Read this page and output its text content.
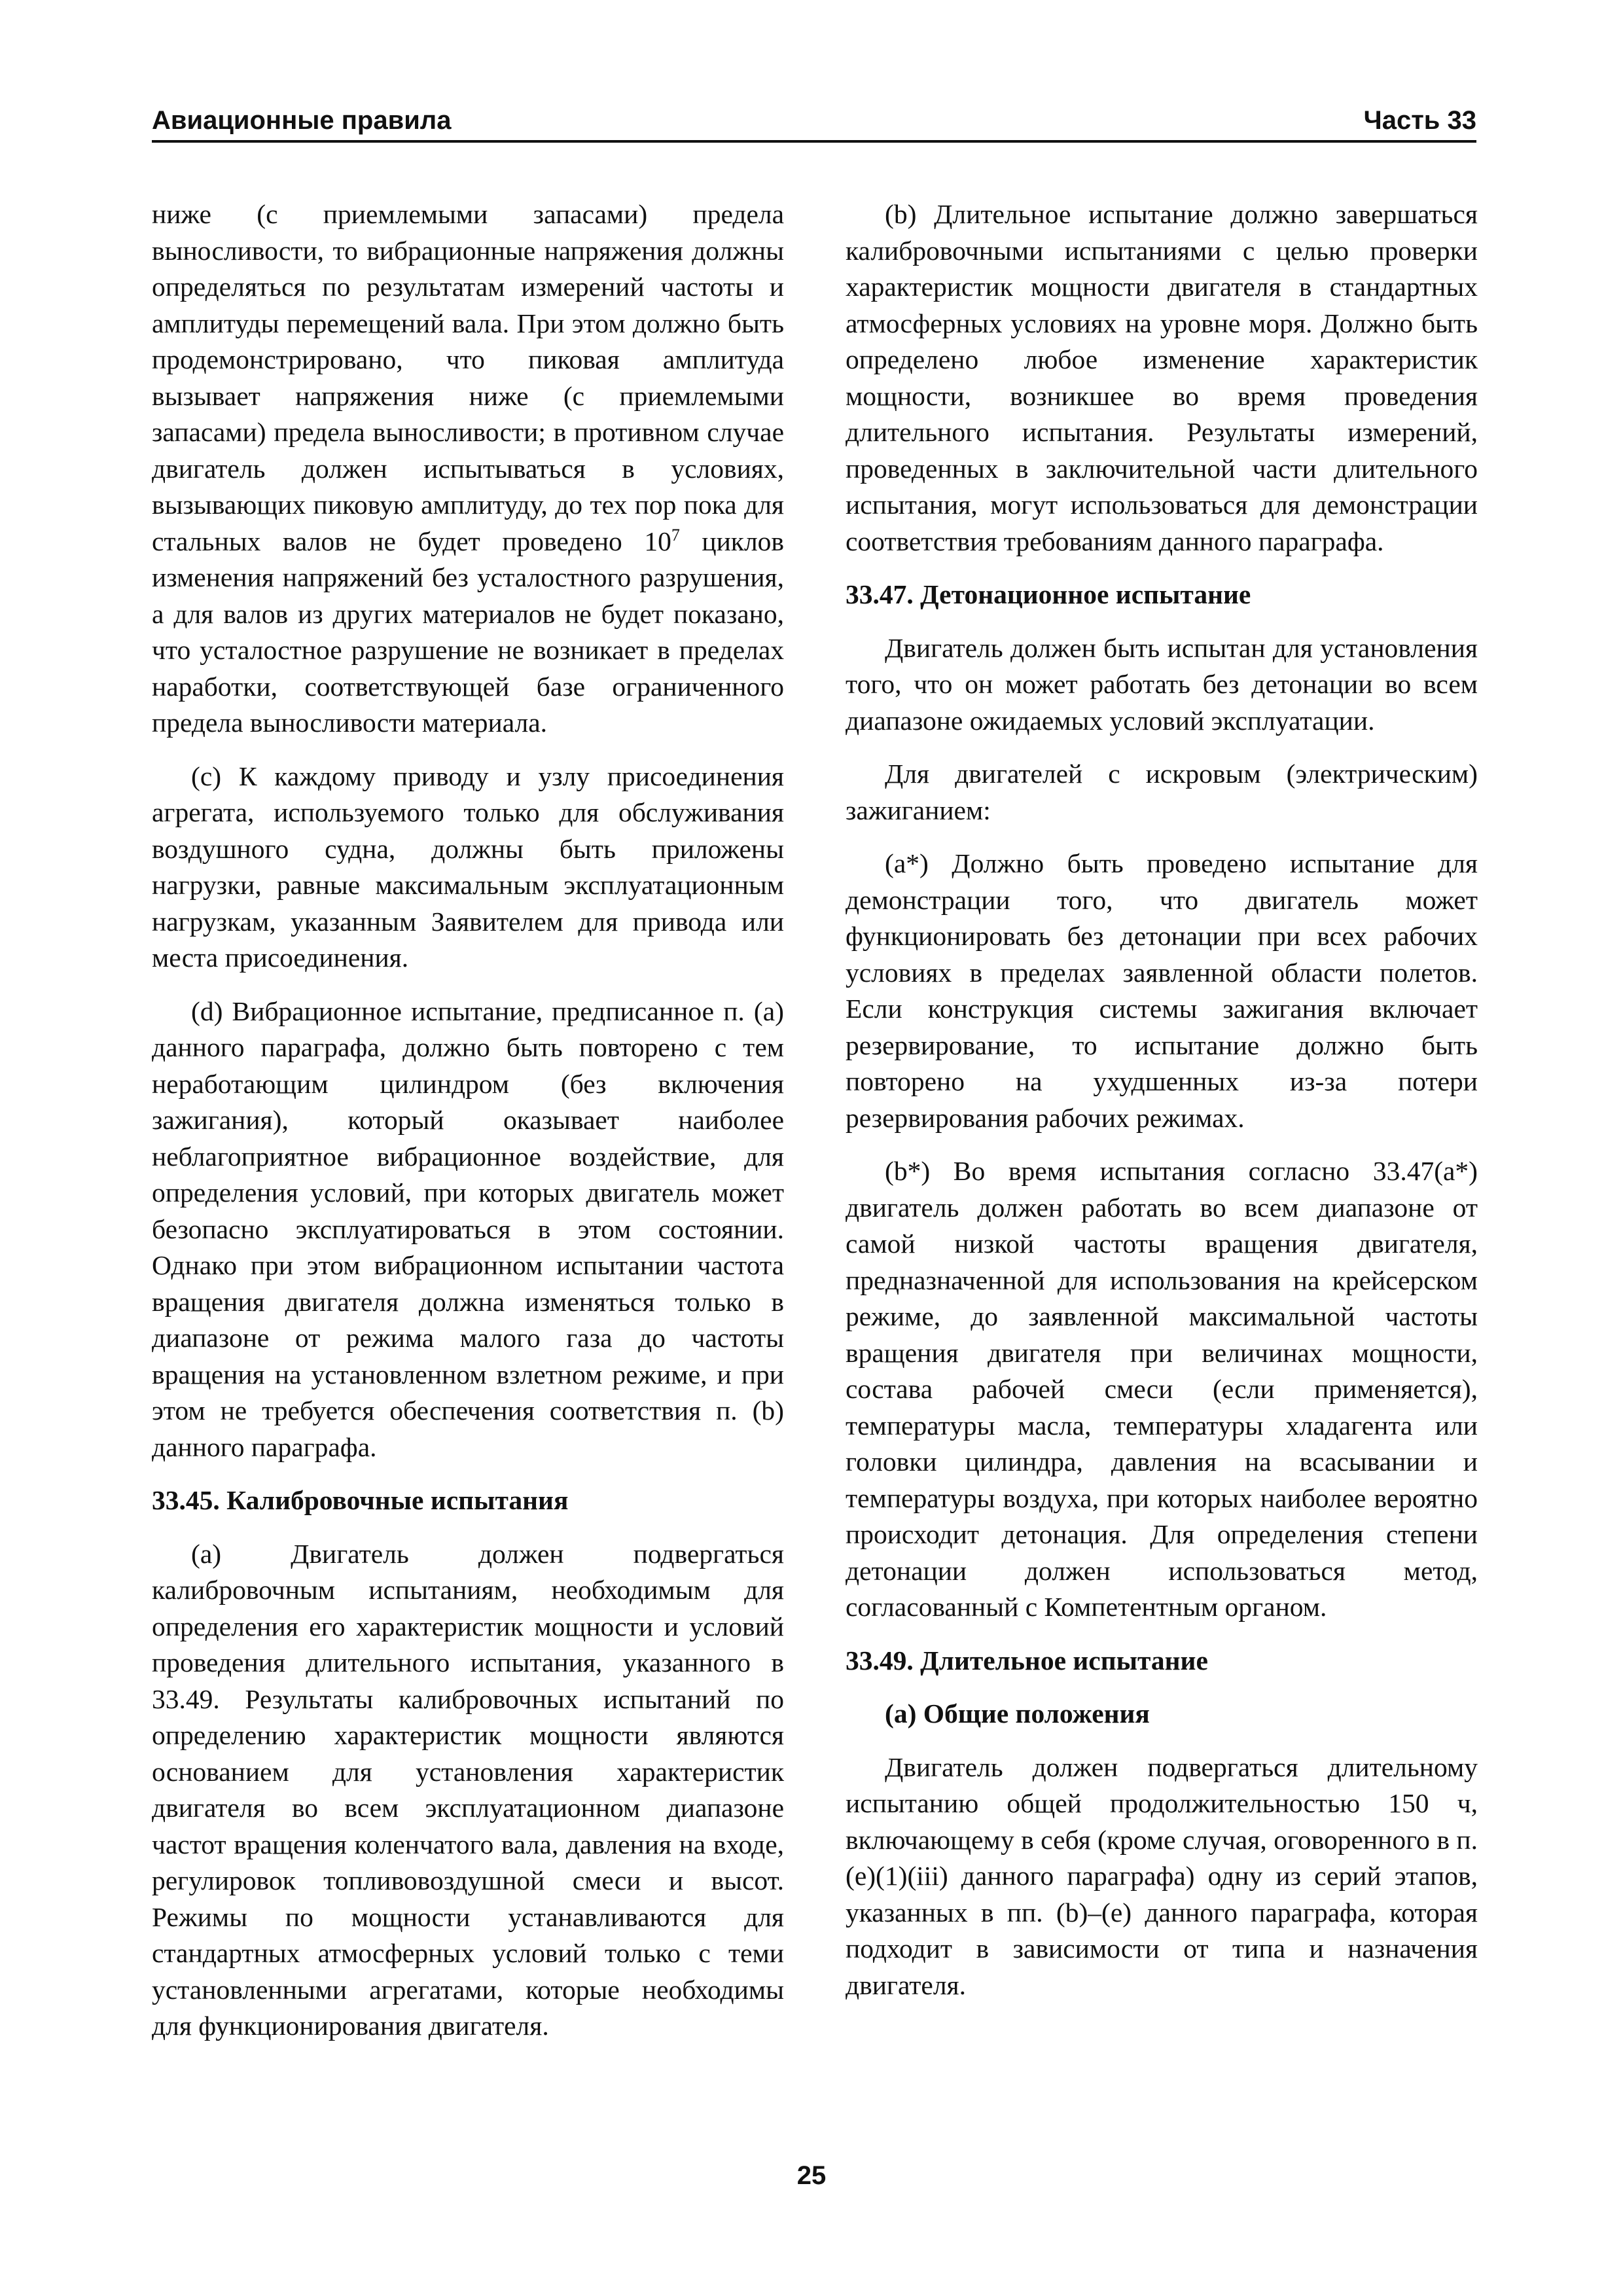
Авиационные правила	Часть 33

ниже (с приемлемыми запасами) предела выносливости, то вибрационные напряжения должны определяться по результатам измерений частоты и амплитуды перемещений вала. При этом должно быть продемонстрировано, что пиковая амплитуда вызывает напряжения ниже (с приемлемыми запасами) предела выносливости; в противном случае двигатель должен испытываться в условиях, вызывающих пиковую амплитуду, до тех пор пока для стальных валов не будет проведено $10^7$ циклов изменения напряжений без усталостного разрушения, а для валов из других материалов не будет показано, что усталостное разрушение не возникает в пределах наработки, соответствующей базе ограниченного предела выносливости материала.

(c) К каждому приводу и узлу присоединения агрегата, используемого только для обслуживания воздушного судна, должны быть приложены нагрузки, равные максимальным эксплуатационным нагрузкам, указанным Заявителем для привода или места присоединения.

(d) Вибрационное испытание, предписанное п. (a) данного параграфа, должно быть повторено с тем неработающим цилиндром (без включения зажигания), который оказывает наиболее неблагоприятное вибрационное воздействие, для определения условий, при которых двигатель может безопасно эксплуатироваться в этом состоянии. Однако при этом вибрационном испытании частота вращения двигателя должна изменяться только в диапазоне от режима малого газа до частоты вращения на установленном взлетном режиме, и при этом не требуется обеспечения соответствия п. (b) данного параграфа.

33.45. Калибровочные испытания

(a) Двигатель должен подвергаться калибровочным испытаниям, необходимым для определения его характеристик мощности и условий проведения длительного испытания, указанного в 33.49. Результаты калибровочных испытаний по определению характеристик мощности являются основанием для установления характеристик двигателя во всем эксплуатационном диапазоне частот вращения коленчатого вала, давления на входе, регулировок топливовоздушной смеси и высот. Режимы по мощности устанавливаются для стандартных атмосферных условий только с теми установленными агрегатами, которые необходимы для функционирования двигателя.

(b) Длительное испытание должно завершаться калибровочными испытаниями с целью проверки характеристик мощности двигателя в стандартных атмосферных условиях на уровне моря. Должно быть определено любое изменение характеристик мощности, возникшее во время проведения длительного испытания. Результаты измерений, проведенных в заключительной части длительного испытания, могут использоваться для демонстрации соответствия требованиям данного параграфа.

33.47. Детонационное испытание

Двигатель должен быть испытан для установления того, что он может работать без детонации во всем диапазоне ожидаемых условий эксплуатации.

Для двигателей с искровым (электрическим) зажиганием:

(a*) Должно быть проведено испытание для демонстрации того, что двигатель может функционировать без детонации при всех рабочих условиях в пределах заявленной области полетов. Если конструкция системы зажигания включает резервирование, то испытание должно быть повторено на ухудшенных из-за потери резервирования рабочих режимах.

(b*) Во время испытания согласно 33.47(a*) двигатель должен работать во всем диапазоне от самой низкой частоты вращения двигателя, предназначенной для использования на крейсерском режиме, до заявленной максимальной частоты вращения двигателя при величинах мощности, состава рабочей смеси (если применяется), температуры масла, температуры хладагента или головки цилиндра, давления на всасывании и температуры воздуха, при которых наиболее вероятно происходит детонация. Для определения степени детонации должен использоваться метод, согласованный с Компетентным органом.

33.49. Длительное испытание
(a) Общие положения

Двигатель должен подвергаться длительному испытанию общей продолжительностью 150 ч, включающему в себя (кроме случая, оговоренного в п. (e)(1)(iii) данного параграфа) одну из серий этапов, указанных в пп. (b)–(e) данного параграфа, которая подходит в зависимости от типа и назначения двигателя.

25
